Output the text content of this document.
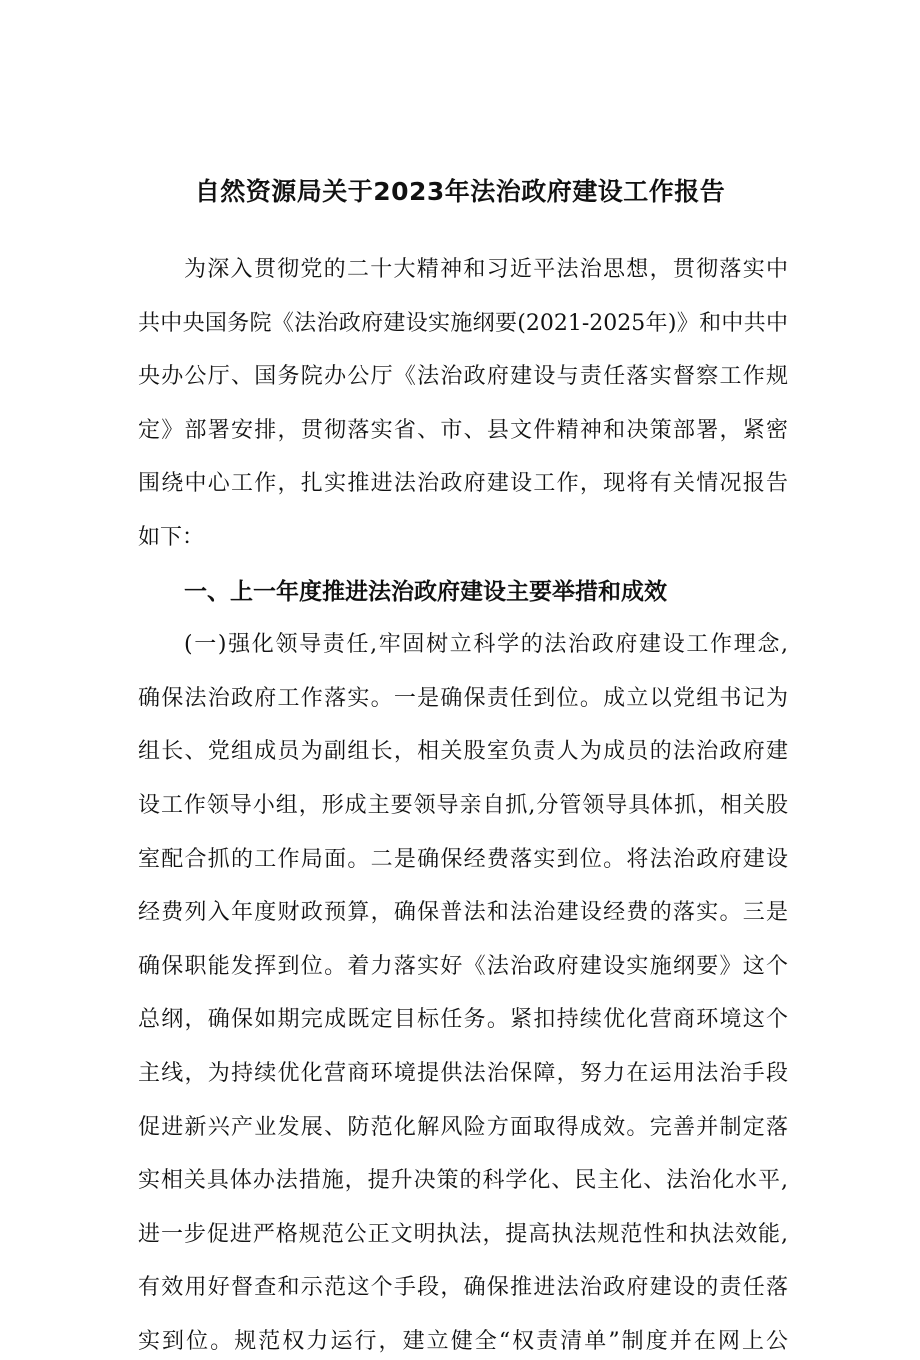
自然资源局关于2023年法治政府建设工作报告
为深入贯彻党的二十大精神和习近平法治思想，贯彻落实中
共中央国务院《法治政府建设实施纲要(2021-2025年)》和中共中
央办公厅、国务院办公厅《法治政府建设与责任落实督察工作规
定》部署安排，贯彻落实省、市、县文件精神和决策部署，紧密
围绕中心工作，扎实推进法治政府建设工作，现将有关情况报告
如下：
一、上一年度推进法治政府建设主要举措和成效
(一)强化领导责任,牢固树立科学的法治政府建设工作理念,
确保法治政府工作落实。一是确保责任到位。成立以党组书记为
组长、党组成员为副组长，相关股室负责人为成员的法治政府建
设工作领导小组，形成主要领导亲自抓,分管领导具体抓，相关股
室配合抓的工作局面。二是确保经费落实到位。将法治政府建设
经费列入年度财政预算，确保普法和法治建设经费的落实。三是
确保职能发挥到位。着力落实好《法治政府建设实施纲要》这个
总纲，确保如期完成既定目标任务。紧扣持续优化营商环境这个
主线，为持续优化营商环境提供法治保障，努力在运用法治手段
促进新兴产业发展、防范化解风险方面取得成效。完善并制定落
实相关具体办法措施，提升决策的科学化、民主化、法治化水平,
进一步促进严格规范公正文明执法，提高执法规范性和执法效能,
有效用好督查和示范这个手段，确保推进法治政府建设的责任落
实到位。规范权力运行，建立健全“权责清单”制度并在网上公
